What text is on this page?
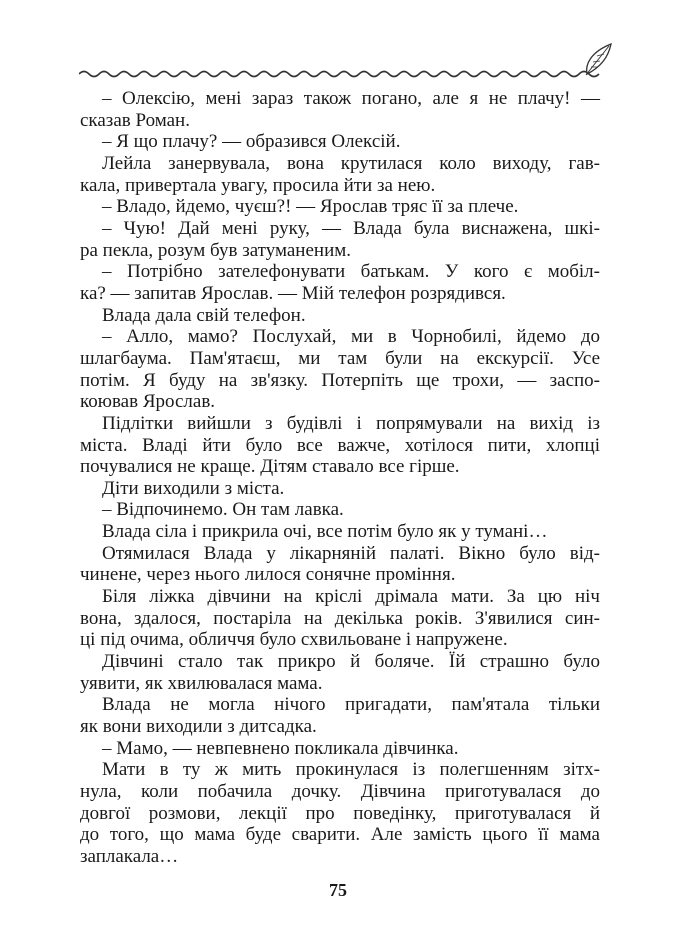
– Олексію, мені зараз також погано, але я не плачу! —
сказав Роман.
– Я що плачу? — образився Олексій.
Лейла занервувала, вона крутилася коло виходу, гав-
кала, привертала увагу, просила йти за нею.
– Владо, йдемо, чуєш?! — Ярослав тряс її за плече.
– Чую! Дай мені руку, — Влада була виснажена, шкі-
ра пекла, розум був затуманеним.
– Потрібно зателефонувати батькам. У кого є мобіл-
ка? — запитав Ярослав. — Мій телефон розрядився.
Влада дала свій телефон.
– Алло, мамо? Послухай, ми в Чорнобилі, йдемо до
шлагбаума. Пам'ятаєш, ми там були на екскурсії. Усе
потім. Я буду на зв'язку. Потерпіть ще трохи, — заспо-
коював Ярослав.
Підлітки вийшли з будівлі і попрямували на вихід із
міста. Владі йти було все важче, хотілося пити, хлопці
почувалися не краще. Дітям ставало все гірше.
Діти виходили з міста.
– Відпочинемо. Он там лавка.
Влада сіла і прикрила очі, все потім було як у тумані…
Отямилася Влада у лікарняній палаті. Вікно було від-
чинене, через нього лилося сонячне проміння.
Біля ліжка дівчини на кріслі дрімала мати. За цю ніч
вона, здалося, постаріла на декілька років. З'явилися син-
ці під очима, обличчя було схвильоване і напружене.
Дівчині стало так прикро й боляче. Їй страшно було
уявити, як хвилювалася мама.
Влада не могла нічого пригадати, пам'ятала тільки
як вони виходили з дитсадка.
– Мамо, — невпевнено покликала дівчинка.
Мати в ту ж мить прокинулася із полегшенням зітх-
нула, коли побачила дочку. Дівчина приготувалася до
довгої розмови, лекції про поведінку, приготувалася й
до того, що мама буде сварити. Але замість цього її мама
заплакала…
75
